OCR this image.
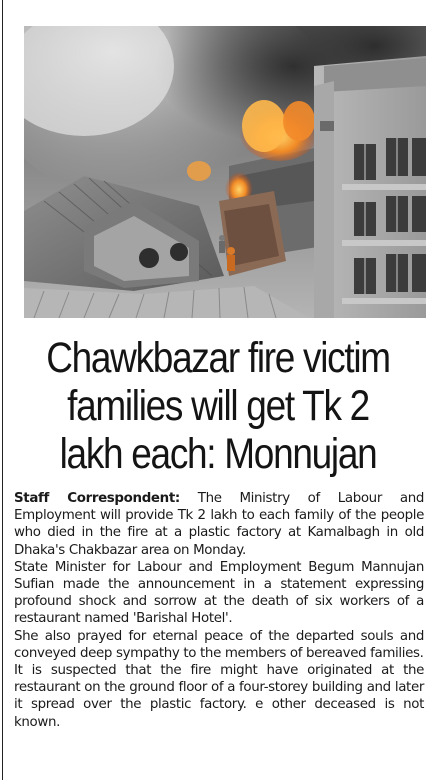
Chawkbazar fire victim
families will get Tk 2
lakh each: Monnujan

Staff Correspondent: The Ministry of Labour and Employment will provide Tk 2 lakh to each family of the people who died in the fire at a plastic factory at Kamalbagh in old Dhaka's Chakbazar area on Monday.

State Minister for Labour and Employment Begum Mannujan Sufian made the announcement in a statement expressing profound shock and sorrow at the death of six workers of a restaurant named 'Barishal Hotel'.

She also prayed for eternal peace of the departed souls and conveyed deep sympathy to the members of bereaved families.

It is suspected that the fire might have originated at the restaurant on the ground floor of a four-storey building and later it spread over the plastic factory. e other deceased is not known.
